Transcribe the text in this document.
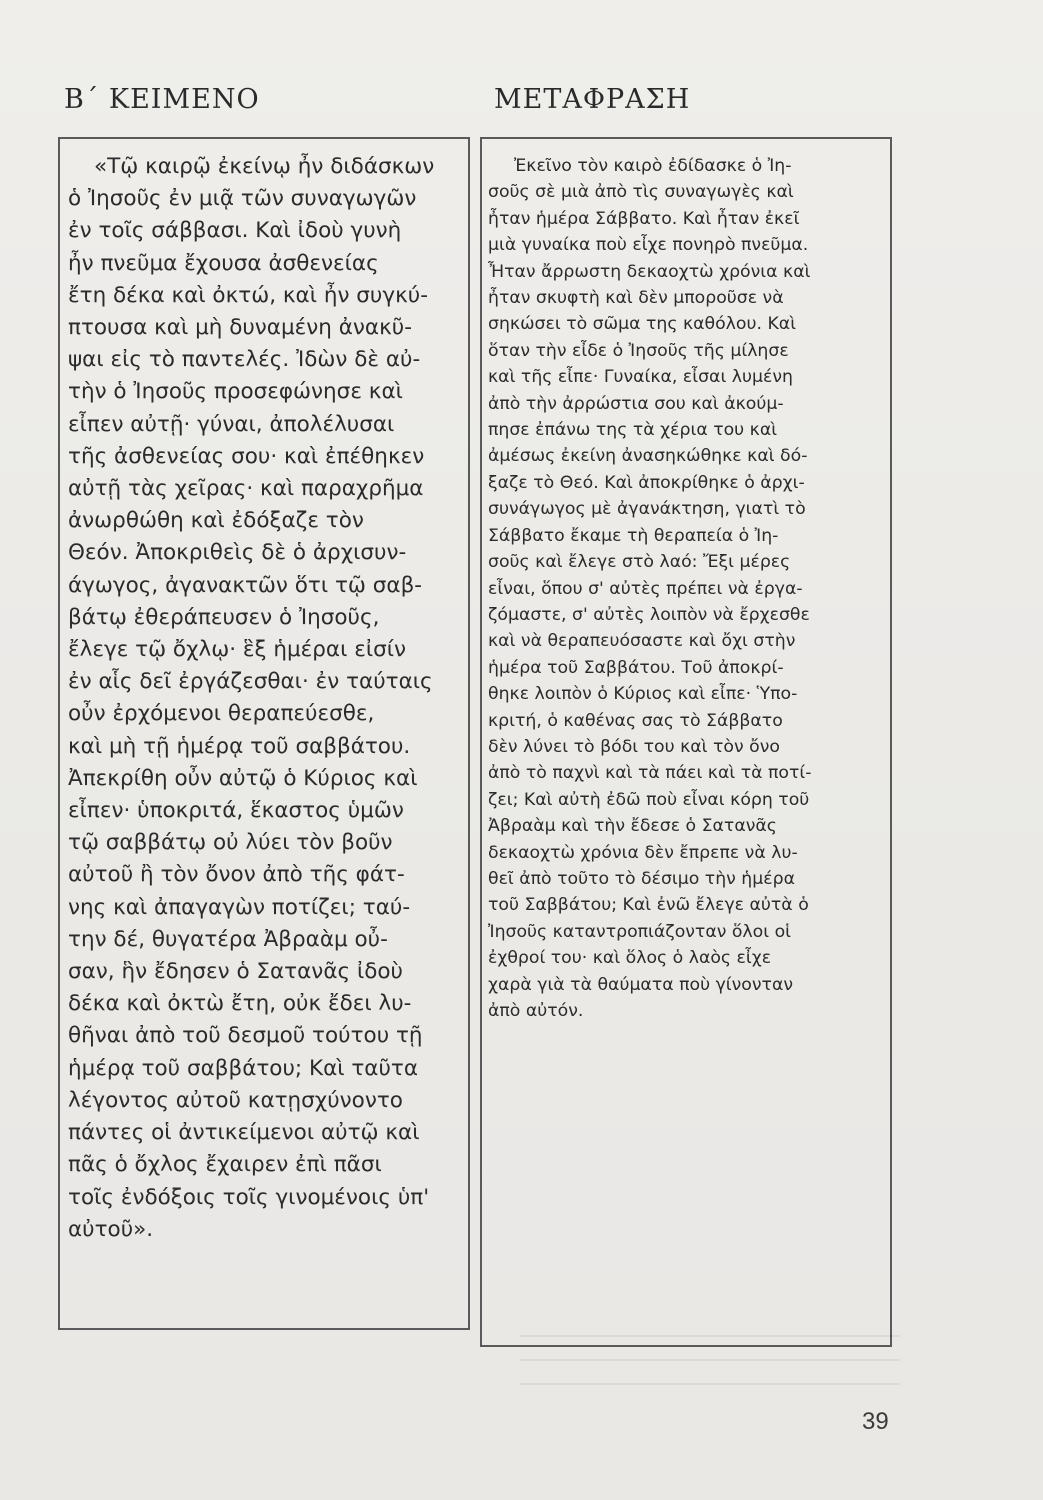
Β΄ ΚΕΙΜΕΝΟ	ΜΕΤΑΦΡΑΣΗ

«Τῷ καιρῷ ἐκείνῳ ἦν διδάσκων
ὁ Ἰησοῦς ἐν μιᾷ τῶν συναγωγῶν
ἐν τοῖς σάββασι. Καὶ ἰδοὺ γυνὴ
ἦν πνεῦμα ἔχουσα ἀσθενείας
ἔτη δέκα καὶ ὀκτώ, καὶ ἦν συγκύ-
πτουσα καὶ μὴ δυναμένη ἀνακῦ-
ψαι εἰς τὸ παντελές. Ἰδὼν δὲ αὐ-
τὴν ὁ Ἰησοῦς προσεφώνησε καὶ
εἶπεν αὐτῇ· γύναι, ἀπολέλυσαι
τῆς ἀσθενείας σου· καὶ ἐπέθηκεν
αὐτῇ τὰς χεῖρας· καὶ παραχρῆμα
ἀνωρθώθη καὶ ἐδόξαζε τὸν
Θεόν. Ἀποκριθεὶς δὲ ὁ ἀρχισυν-
άγωγος, ἀγανακτῶν ὅτι τῷ σαβ-
βάτῳ ἐθεράπευσεν ὁ Ἰησοῦς,
ἔλεγε τῷ ὄχλῳ· ἓξ ἡμέραι εἰσίν
ἐν αἷς δεῖ ἐργάζεσθαι· ἐν ταύταις
οὖν ἐρχόμενοι θεραπεύεσθε,
καὶ μὴ τῇ ἡμέρᾳ τοῦ σαββάτου.
Ἀπεκρίθη οὖν αὐτῷ ὁ Κύριος καὶ
εἶπεν· ὑποκριτά, ἕκαστος ὑμῶν
τῷ σαββάτῳ οὐ λύει τὸν βοῦν
αὐτοῦ ἢ τὸν ὄνον ἀπὸ τῆς φάτ-
νης καὶ ἀπαγαγὼν ποτίζει; ταύ-
την δέ, θυγατέρα Ἀβραὰμ οὖ-
σαν, ἣν ἔδησεν ὁ Σατανᾶς ἰδοὺ
δέκα καὶ ὀκτὼ ἔτη, οὐκ ἔδει λυ-
θῆναι ἀπὸ τοῦ δεσμοῦ τούτου τῇ
ἡμέρᾳ τοῦ σαββάτου; Καὶ ταῦτα
λέγοντος αὐτοῦ κατῃσχύνοντο
πάντες οἱ ἀντικείμενοι αὐτῷ καὶ
πᾶς ὁ ὄχλος ἔχαιρεν ἐπὶ πᾶσι
τοῖς ἐνδόξοις τοῖς γινομένοις ὑπ'
αὐτοῦ».

Ἐκεῖνο τὸν καιρὸ ἐδίδασκε ὁ Ἰη-
σοῦς σὲ μιὰ ἀπὸ τὶς συναγωγὲς καὶ
ἦταν ἡμέρα Σάββατο. Καὶ ἦταν ἐκεῖ
μιὰ γυναίκα ποὺ εἶχε πονηρὸ πνεῦμα.
Ἦταν ἄρρωστη δεκαοχτὼ χρόνια καὶ
ἦταν σκυφτὴ καὶ δὲν μποροῦσε νὰ
σηκώσει τὸ σῶμα της καθόλου. Καὶ
ὅταν τὴν εἶδε ὁ Ἰησοῦς τῆς μίλησε
καὶ τῆς εἶπε· Γυναίκα, εἶσαι λυμένη
ἀπὸ τὴν ἀρρώστια σου καὶ ἀκούμ-
πησε ἐπάνω της τὰ χέρια του καὶ
ἀμέσως ἐκείνη ἀνασηκώθηκε καὶ δό-
ξαζε τὸ Θεό. Καὶ ἀποκρίθηκε ὁ ἀρχι-
συνάγωγος μὲ ἀγανάκτηση, γιατὶ τὸ
Σάββατο ἔκαμε τὴ θεραπεία ὁ Ἰη-
σοῦς καὶ ἔλεγε στὸ λαό: Ἔξι μέρες
εἶναι, ὅπου σ' αὐτὲς πρέπει νὰ ἐργα-
ζόμαστε, σ' αὐτὲς λοιπὸν νὰ ἔρχεσθε
καὶ νὰ θεραπευόσαστε καὶ ὄχι στὴν
ἡμέρα τοῦ Σαββάτου. Τοῦ ἀποκρί-
θηκε λοιπὸν ὁ Κύριος καὶ εἶπε· Ὑπο-
κριτή, ὁ καθένας σας τὸ Σάββατο
δὲν λύνει τὸ βόδι του καὶ τὸν ὄνο
ἀπὸ τὸ παχνὶ καὶ τὰ πάει καὶ τὰ ποτί-
ζει; Καὶ αὐτὴ ἐδῶ ποὺ εἶναι κόρη τοῦ
Ἀβραὰμ καὶ τὴν ἔδεσε ὁ Σατανᾶς
δεκαοχτὼ χρόνια δὲν ἔπρεπε νὰ λυ-
θεῖ ἀπὸ τοῦτο τὸ δέσιμο τὴν ἡμέρα
τοῦ Σαββάτου; Καὶ ἐνῶ ἔλεγε αὐτὰ ὁ
Ἰησοῦς καταντροπιάζονταν ὅλοι οἱ
ἐχθροί του· καὶ ὅλος ὁ λαὸς εἶχε
χαρὰ γιὰ τὰ θαύματα ποὺ γίνονταν
ἀπὸ αὐτόν.

39
